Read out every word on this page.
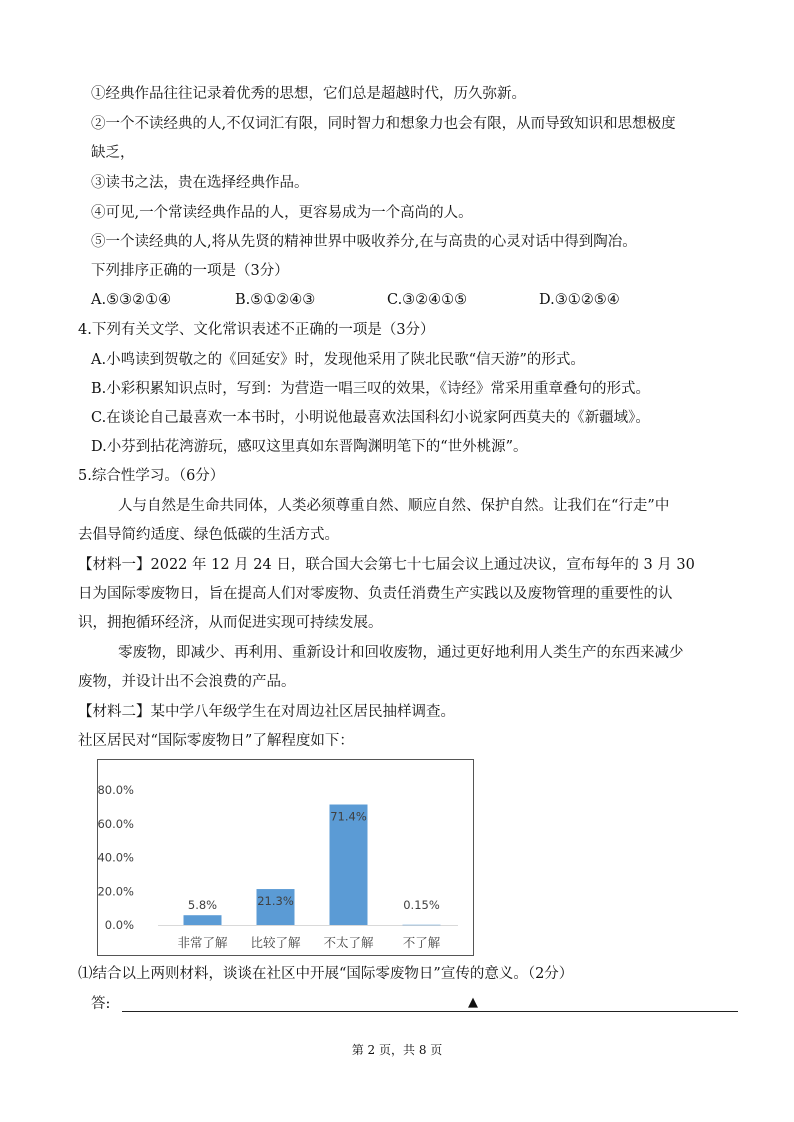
①经典作品往往记录着优秀的思想，它们总是超越时代，历久弥新。
②一个不读经典的人,不仅词汇有限，同时智力和想象力也会有限，从而导致知识和思想极度
缺乏，
③读书之法，贵在选择经典作品。
④可见,一个常读经典作品的人，更容易成为一个高尚的人。
⑤一个读经典的人,将从先贤的精神世界中吸收养分,在与高贵的心灵对话中得到陶冶。
下列排序正确的一项是（3分）
A.⑤③②①④	B.⑤①②④③	C.③②④①⑤	D.③①②⑤④
4.下列有关文学、文化常识表述不正确的一项是（3分）
A.小鸣读到贺敬之的《回延安》时，发现他采用了陕北民歌“信天游”的形式。
B.小彩积累知识点时，写到：为营造一唱三叹的效果，《诗经》常采用重章叠句的形式。
C.在谈论自己最喜欢一本书时，小明说他最喜欢法国科幻小说家阿西莫夫的《新疆域》。
D.小芬到拈花湾游玩，感叹这里真如东晋陶渊明笔下的“世外桃源”。
5.综合性学习。（6分）
人与自然是生命共同体，人类必须尊重自然、顺应自然、保护自然。让我们在“行走”中
去倡导简约适度、绿色低碳的生活方式。
【材料一】2022 年 12 月 24 日，联合国大会第七十七届会议上通过决议，宣布每年的 3 月 30
日为国际零废物日，旨在提高人们对零废物、负责任消费生产实践以及废物管理的重要性的认
识，拥抱循环经济，从而促进实现可持续发展。
零废物，即减少、再利用、重新设计和回收废物，通过更好地利用人类生产的东西来减少
废物，并设计出不会浪费的产品。
【材料二】某中学八年级学生在对周边社区居民抽样调查。
社区居民对“国际零废物日”了解程度如下：
80.0%
60.0%
40.0%
20.0%
0.0%
5.8%
非常了解
21.3%
比较了解
71.4%
不太了解
0.15%
不了解
⑴结合以上两则材料，谈谈在社区中开展“国际零废物日”宣传的意义。（2分）
答:	▲
第 2 页，共 8 页
